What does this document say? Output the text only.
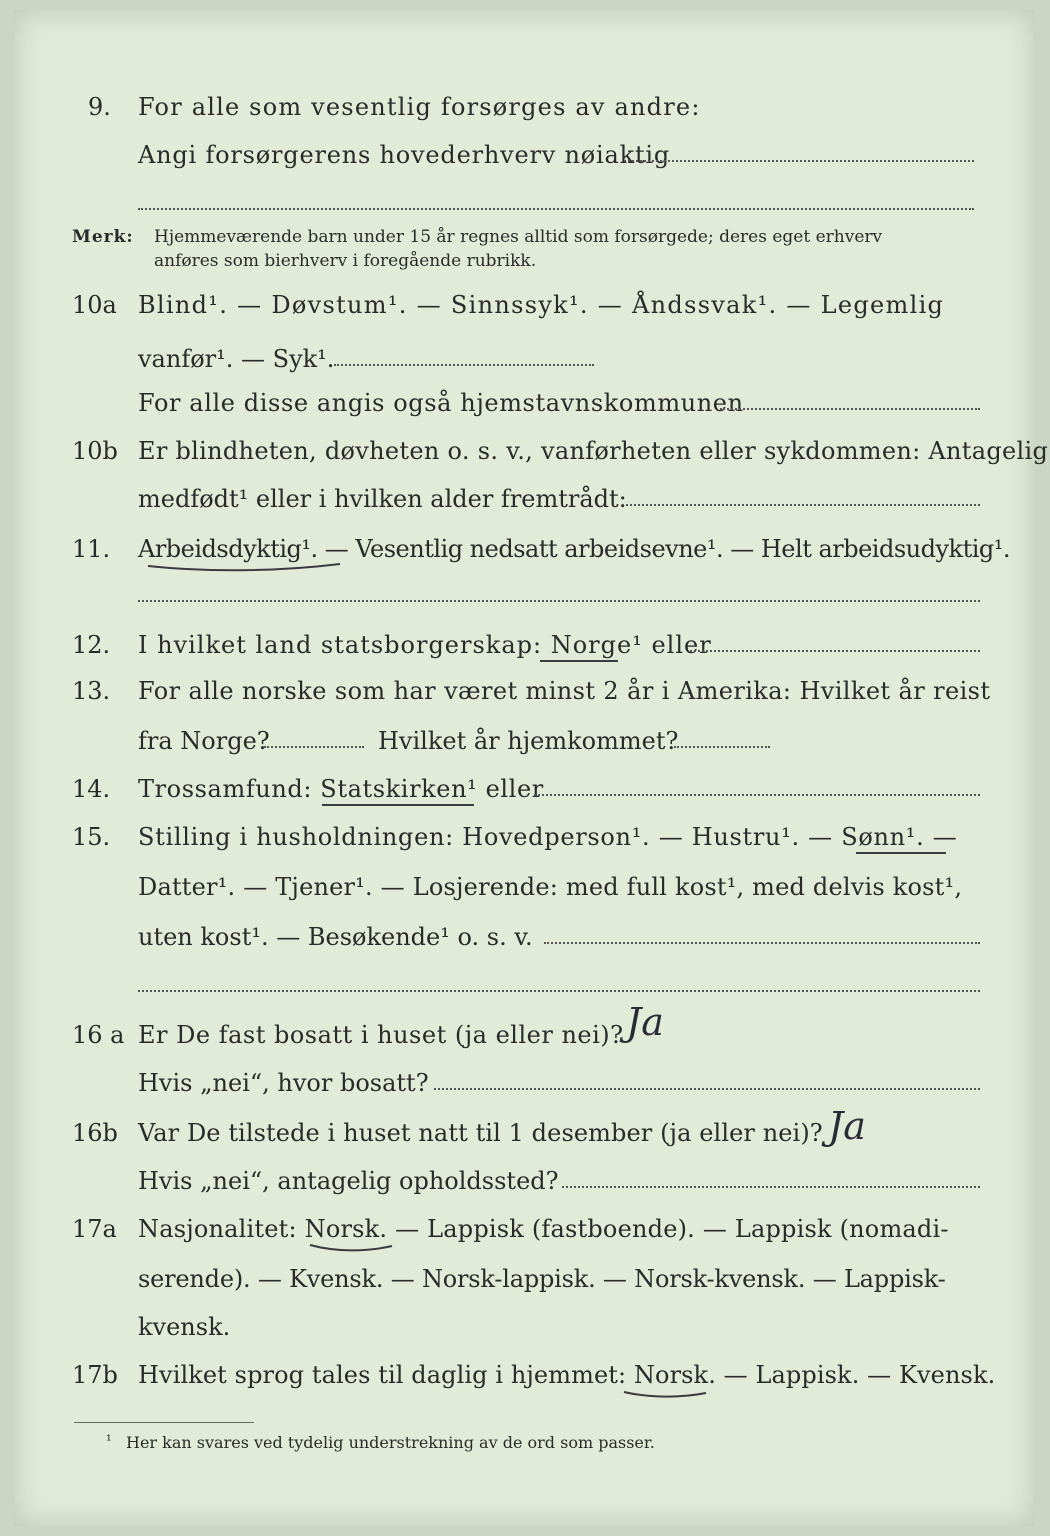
9. For alle som vesentlig forsørges av andre:
Angi forsørgerens hovederhverv nøiaktig
Merk: Hjemmeværende barn under 15 år regnes alltid som forsørgede; deres eget erhverv
anføres som bierhverv i foregående rubrikk.
10a Blind¹. — Døvstum¹. — Sinnssyk¹. — Åndssvak¹. — Legemlig
vanfør¹. — Syk¹.
For alle disse angis også hjemstavnskommunen
10b Er blindheten, døvheten o. s. v., vanførheten eller sykdommen: Antagelig
medfødt¹ eller i hvilken alder fremtrådt:
11. Arbeidsdyktig¹. — Vesentlig nedsatt arbeidsevne¹. — Helt arbeidsudyktig¹.
12. I hvilket land statsborgerskap: Norge¹ eller
13. For alle norske som har været minst 2 år i Amerika: Hvilket år reist
fra Norge?	Hvilket år hjemkommet?
14. Trossamfund: Statskirken¹ eller
15. Stilling i husholdningen: Hovedperson¹. — Hustru¹. — Sønn¹. —
Datter¹. — Tjener¹. — Losjerende: med full kost¹, med delvis kost¹,
uten kost¹. — Besøkende¹ o. s. v.
16 a Er De fast bosatt i huset (ja eller nei)? Ja
Hvis „nei“, hvor bosatt?
16b Var De tilstede i huset natt til 1 desember (ja eller nei)? Ja
Hvis „nei“, antagelig opholdssted?
17a Nasjonalitet: Norsk. — Lappisk (fastboende). — Lappisk (nomadi-
serende). — Kvensk. — Norsk-lappisk. — Norsk-kvensk. — Lappisk-
kvensk.
17b Hvilket sprog tales til daglig i hjemmet: Norsk. — Lappisk. — Kvensk.
¹ Her kan svares ved tydelig understrekning av de ord som passer.
